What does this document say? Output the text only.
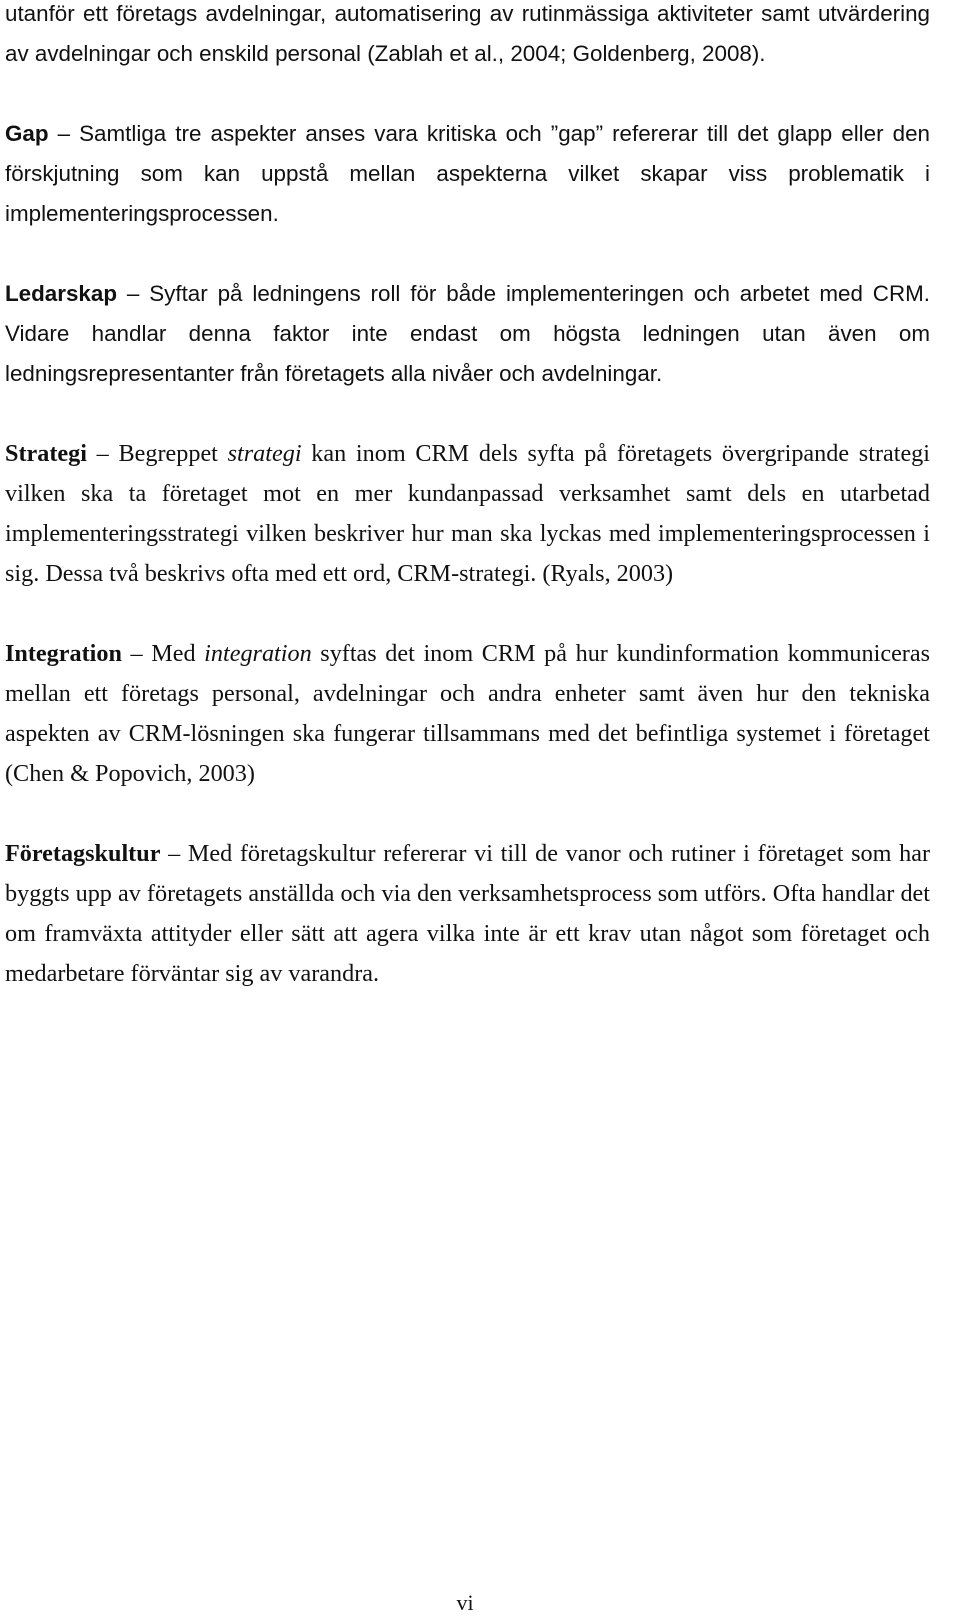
utanför ett företags avdelningar, automatisering av rutinmässiga aktiviteter samt utvärdering av avdelningar och enskild personal (Zablah et al., 2004; Goldenberg, 2008).

Gap – Samtliga tre aspekter anses vara kritiska och ”gap” refererar till det glapp eller den förskjutning som kan uppstå mellan aspekterna vilket skapar viss problematik i implementeringsprocessen.

Ledarskap – Syftar på ledningens roll för både implementeringen och arbetet med CRM. Vidare handlar denna faktor inte endast om högsta ledningen utan även om ledningsrepresentanter från företagets alla nivåer och avdelningar.

Strategi – Begreppet strategi kan inom CRM dels syfta på företagets övergripande strategi vilken ska ta företaget mot en mer kundanpassad verksamhet samt dels en utarbetad implementeringsstrategi vilken beskriver hur man ska lyckas med implementeringsprocessen i sig. Dessa två beskrivs ofta med ett ord, CRM-strategi. (Ryals, 2003)

Integration – Med integration syftas det inom CRM på hur kundinformation kommuniceras mellan ett företags personal, avdelningar och andra enheter samt även hur den tekniska aspekten av CRM-lösningen ska fungerar tillsammans med det befintliga systemet i företaget (Chen & Popovich, 2003)

Företagskultur – Med företagskultur refererar vi till de vanor och rutiner i företaget som har byggts upp av företagets anställda och via den verksamhetsprocess som utförs. Ofta handlar det om framväxta attityder eller sätt att agera vilka inte är ett krav utan något som företaget och medarbetare förväntar sig av varandra.

vi
